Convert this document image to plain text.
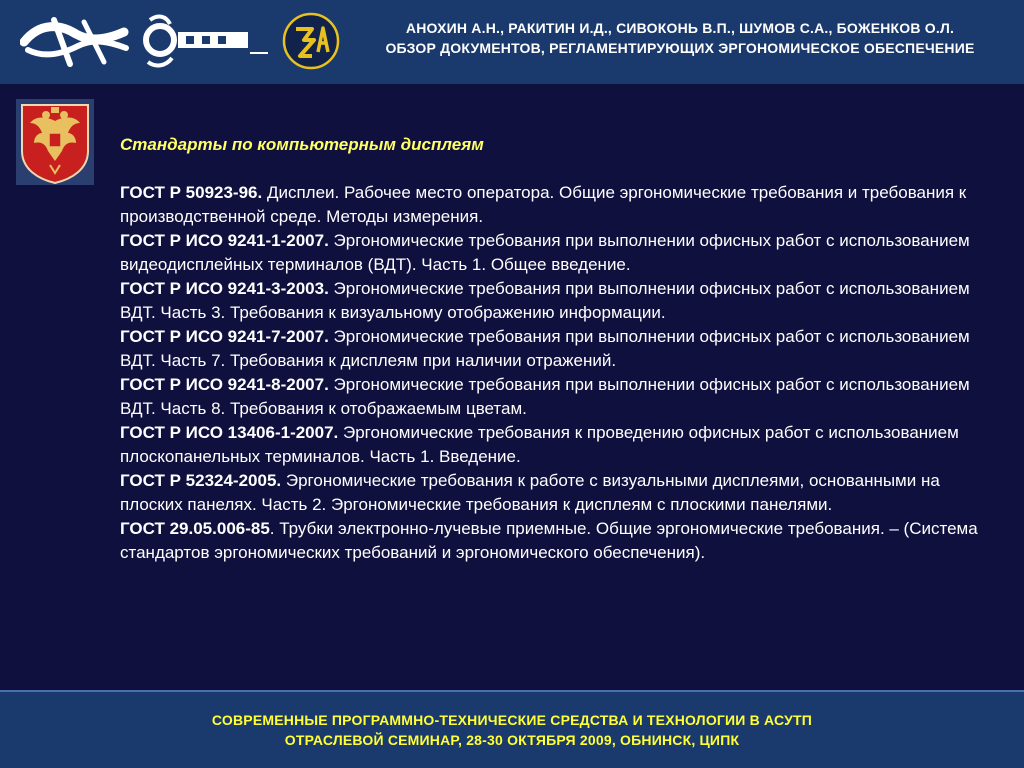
АНОХИН А.Н., РАКИТИН И.Д., СИВОКОНЬ В.П., ШУМОВ С.А., БОЖЕНКОВ О.Л.
ОБЗОР ДОКУМЕНТОВ, РЕГЛАМЕНТИРУЮЩИХ ЭРГОНОМИЧЕСКОЕ ОБЕСПЕЧЕНИЕ
Стандарты по компьютерным дисплеям

ГОСТ Р 50923-96. Дисплеи. Рабочее место оператора. Общие эргономические требования и требования к производственной среде. Методы измерения.

ГОСТ Р ИСО 9241-1-2007. Эргономические требования при выполнении офисных работ с использованием видеодисплейных терминалов (ВДТ). Часть 1. Общее введение.

ГОСТ Р ИСО 9241-3-2003. Эргономические требования при выполнении офисных работ с использованием ВДТ. Часть 3. Требования к визуальному отображению информации.

ГОСТ Р ИСО 9241-7-2007. Эргономические требования при выполнении офисных работ с использованием ВДТ. Часть 7. Требования к дисплеям при наличии отражений.

ГОСТ Р ИСО 9241-8-2007. Эргономические требования при выполнении офисных работ с использованием ВДТ. Часть 8. Требования к отображаемым цветам.

ГОСТ Р ИСО 13406-1-2007. Эргономические требования к проведению офисных работ с использованием плоскопанельных терминалов. Часть 1. Введение.

ГОСТ Р 52324-2005. Эргономические требования к работе с визуальными дисплеями, основанными на плоских панелях. Часть 2. Эргономические требования к дисплеям с плоскими панелями.

ГОСТ 29.05.006-85. Трубки электронно-лучевые приемные. Общие эргономические требования. – (Система стандартов эргономических требований и эргономического обеспечения).

СОВРЕМЕННЫЕ ПРОГРАММНО-ТЕХНИЧЕСКИЕ СРЕДСТВА И ТЕХНОЛОГИИ В АСУТП
ОТРАСЛЕВОЙ СЕМИНАР, 28-30 ОКТЯБРЯ 2009, ОБНИНСК, ЦИПК
